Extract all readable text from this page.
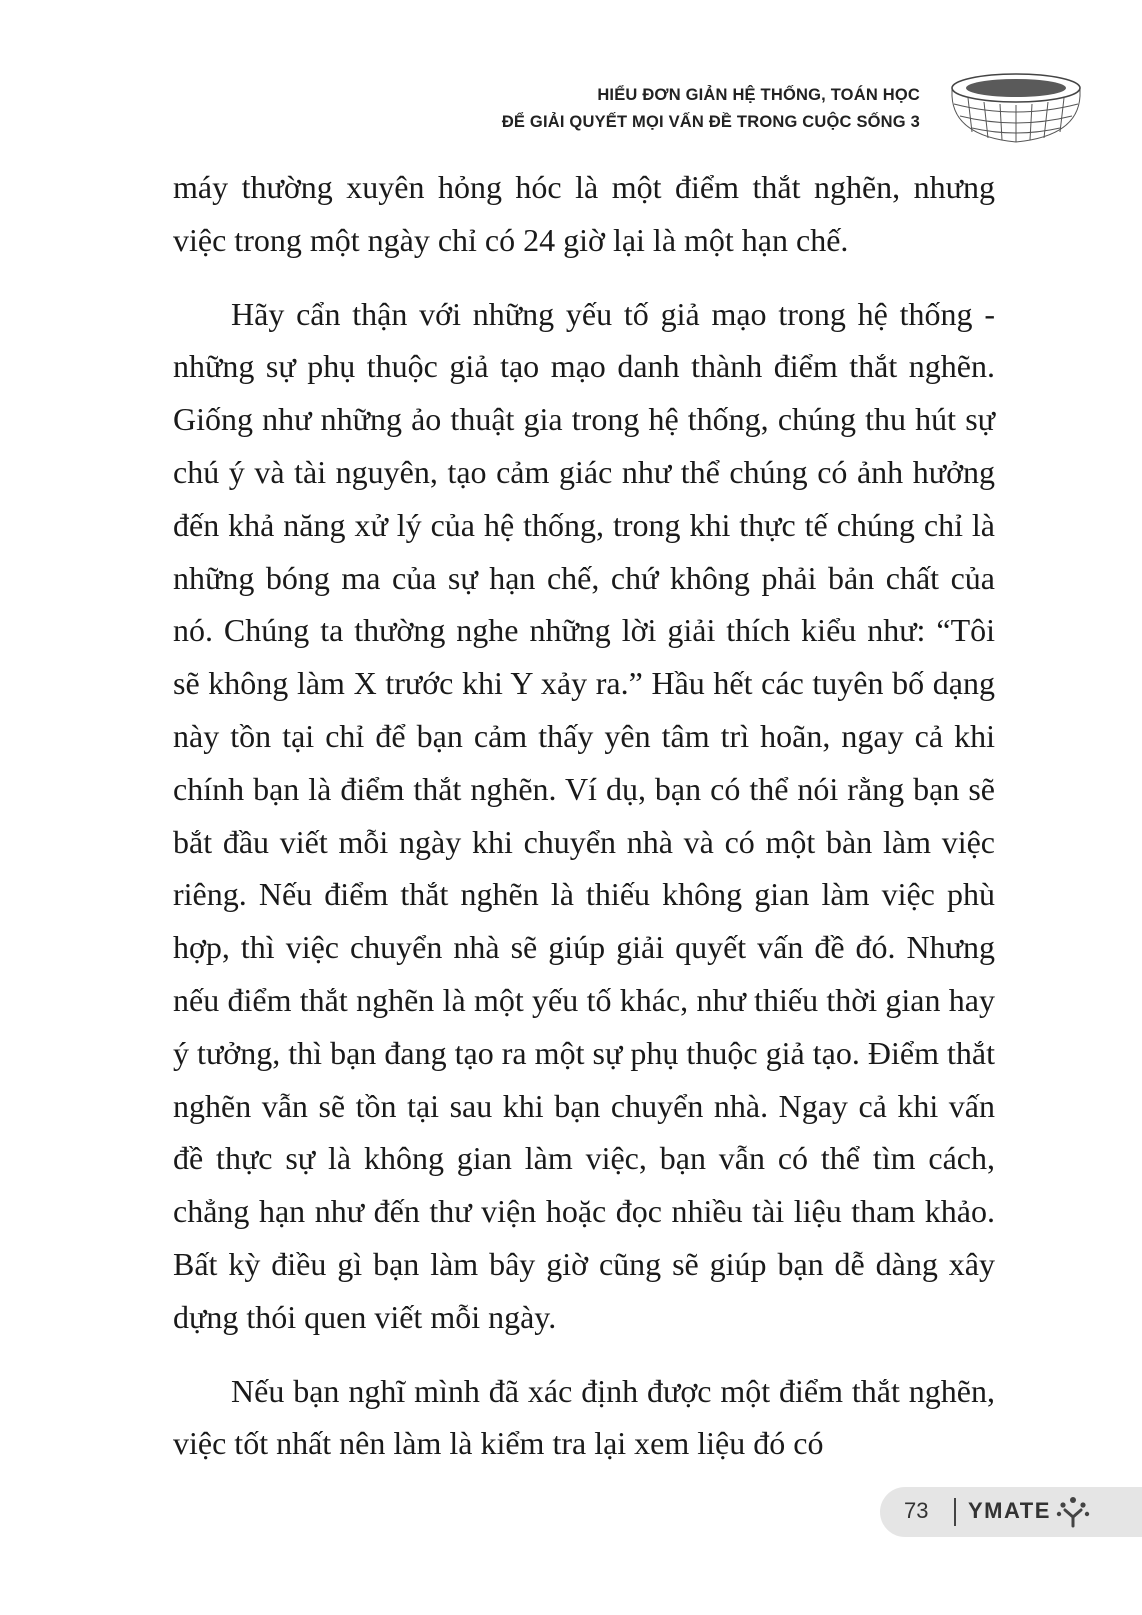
HIỂU ĐƠN GIẢN HỆ THỐNG, TOÁN HỌC
ĐỂ GIẢI QUYẾT MỌI VẤN ĐỀ TRONG CUỘC SỐNG 3

máy thường xuyên hỏng hóc là một điểm thắt nghẽn, nhưng việc trong một ngày chỉ có 24 giờ lại là một hạn chế.

Hãy cẩn thận với những yếu tố giả mạo trong hệ thống - những sự phụ thuộc giả tạo mạo danh thành điểm thắt nghẽn. Giống như những ảo thuật gia trong hệ thống, chúng thu hút sự chú ý và tài nguyên, tạo cảm giác như thể chúng có ảnh hưởng đến khả năng xử lý của hệ thống, trong khi thực tế chúng chỉ là những bóng ma của sự hạn chế, chứ không phải bản chất của nó. Chúng ta thường nghe những lời giải thích kiểu như: “Tôi sẽ không làm X trước khi Y xảy ra.” Hầu hết các tuyên bố dạng này tồn tại chỉ để bạn cảm thấy yên tâm trì hoãn, ngay cả khi chính bạn là điểm thắt nghẽn. Ví dụ, bạn có thể nói rằng bạn sẽ bắt đầu viết mỗi ngày khi chuyển nhà và có một bàn làm việc riêng. Nếu điểm thắt nghẽn là thiếu không gian làm việc phù hợp, thì việc chuyển nhà sẽ giúp giải quyết vấn đề đó. Nhưng nếu điểm thắt nghẽn là một yếu tố khác, như thiếu thời gian hay ý tưởng, thì bạn đang tạo ra một sự phụ thuộc giả tạo. Điểm thắt nghẽn vẫn sẽ tồn tại sau khi bạn chuyển nhà. Ngay cả khi vấn đề thực sự là không gian làm việc, bạn vẫn có thể tìm cách, chẳng hạn như đến thư viện hoặc đọc nhiều tài liệu tham khảo. Bất kỳ điều gì bạn làm bây giờ cũng sẽ giúp bạn dễ dàng xây dựng thói quen viết mỗi ngày.

Nếu bạn nghĩ mình đã xác định được một điểm thắt nghẽn, việc tốt nhất nên làm là kiểm tra lại xem liệu đó có

73 YMATE
